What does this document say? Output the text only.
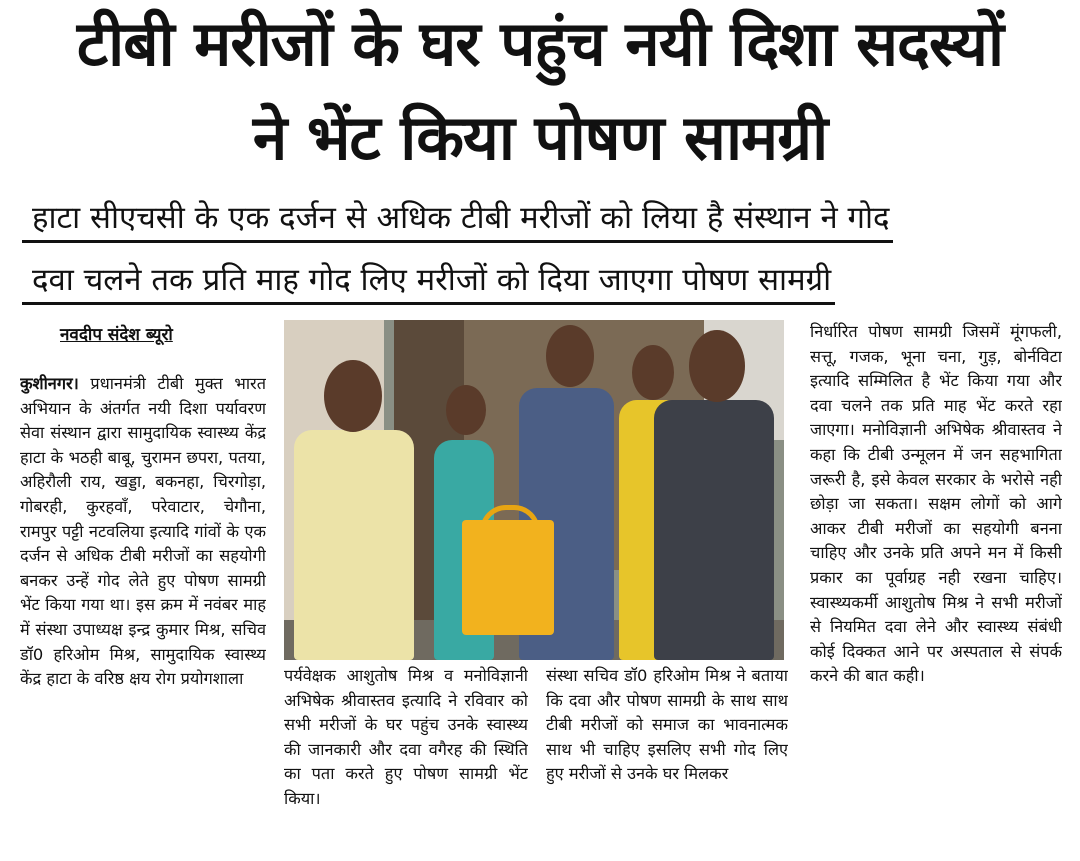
टीबी मरीजों के घर पहुंच नयी दिशा सदस्यों
ने भेंट किया पोषण सामग्री
हाटा सीएचसी के एक दर्जन से अधिक टीबी मरीजों को लिया है संस्थान ने गोद
दवा चलने तक प्रति माह गोद लिए मरीजों को दिया जाएगा पोषण सामग्री
नवदीप संदेश ब्यूरो
कुशीनगर। प्रधानमंत्री टीबी मुक्त भारत अभियान के अंतर्गत नयी दिशा पर्यावरण सेवा संस्थान द्वारा सामुदायिक स्वास्थ्य केंद्र हाटा के भठही बाबू, चुरामन छपरा, पतया, अहिरौली राय, खड्डा, बकनहा, चिरगोड़ा, गोबरही, कुरहवाँ, परेवाटार, चेगौना, रामपुर पट्टी नटवलिया इत्यादि गांवों के एक दर्जन से अधिक टीबी मरीजों का सहयोगी बनकर उन्हें गोद लेते हुए पोषण सामग्री भेंट किया गया था। इस क्रम में नवंबर माह में संस्था उपाध्यक्ष इन्द्र कुमार मिश्र, सचिव डॉ0 हरिओम मिश्र, सामुदायिक स्वास्थ्य केंद्र हाटा के वरिष्ठ क्षय रोग प्रयोगशाला	पर्यवेक्षक आशुतोष मिश्र व मनोविज्ञानी अभिषेक श्रीवास्तव इत्यादि ने रविवार को सभी मरीजों के घर पहुंच उनके स्वास्थ्य की जानकारी और दवा वगैरह की स्थिति का पता करते हुए पोषण सामग्री भेंट किया।
संस्था सचिव डॉ0 हरिओम मिश्र ने बताया कि दवा और पोषण सामग्री के साथ साथ टीबी मरीजों को समाज का भावनात्मक साथ भी चाहिए इसलिए सभी गोद लिए हुए मरीजों से उनके घर मिलकर
निर्धारित पोषण सामग्री जिसमें मूंगफली, सत्तू, गजक, भूना चना, गुड़, बोर्नविटा इत्यादि सम्मिलित है भेंट किया गया और दवा चलने तक प्रति माह भेंट करते रहा जाएगा। मनोविज्ञानी अभिषेक श्रीवास्तव ने कहा कि टीबी उन्मूलन में जन सहभागिता जरूरी है, इसे केवल सरकार के भरोसे नही छोड़ा जा सकता। सक्षम लोगों को आगे आकर टीबी मरीजों का सहयोगी बनना चाहिए और उनके प्रति अपने मन में किसी प्रकार का पूर्वाग्रह नही रखना चाहिए। स्वास्थ्यकर्मी आशुतोष मिश्र ने सभी मरीजों से नियमित दवा लेने और स्वास्थ्य संबंधी कोई दिक्कत आने पर अस्पताल से संपर्क करने की बात कही।
